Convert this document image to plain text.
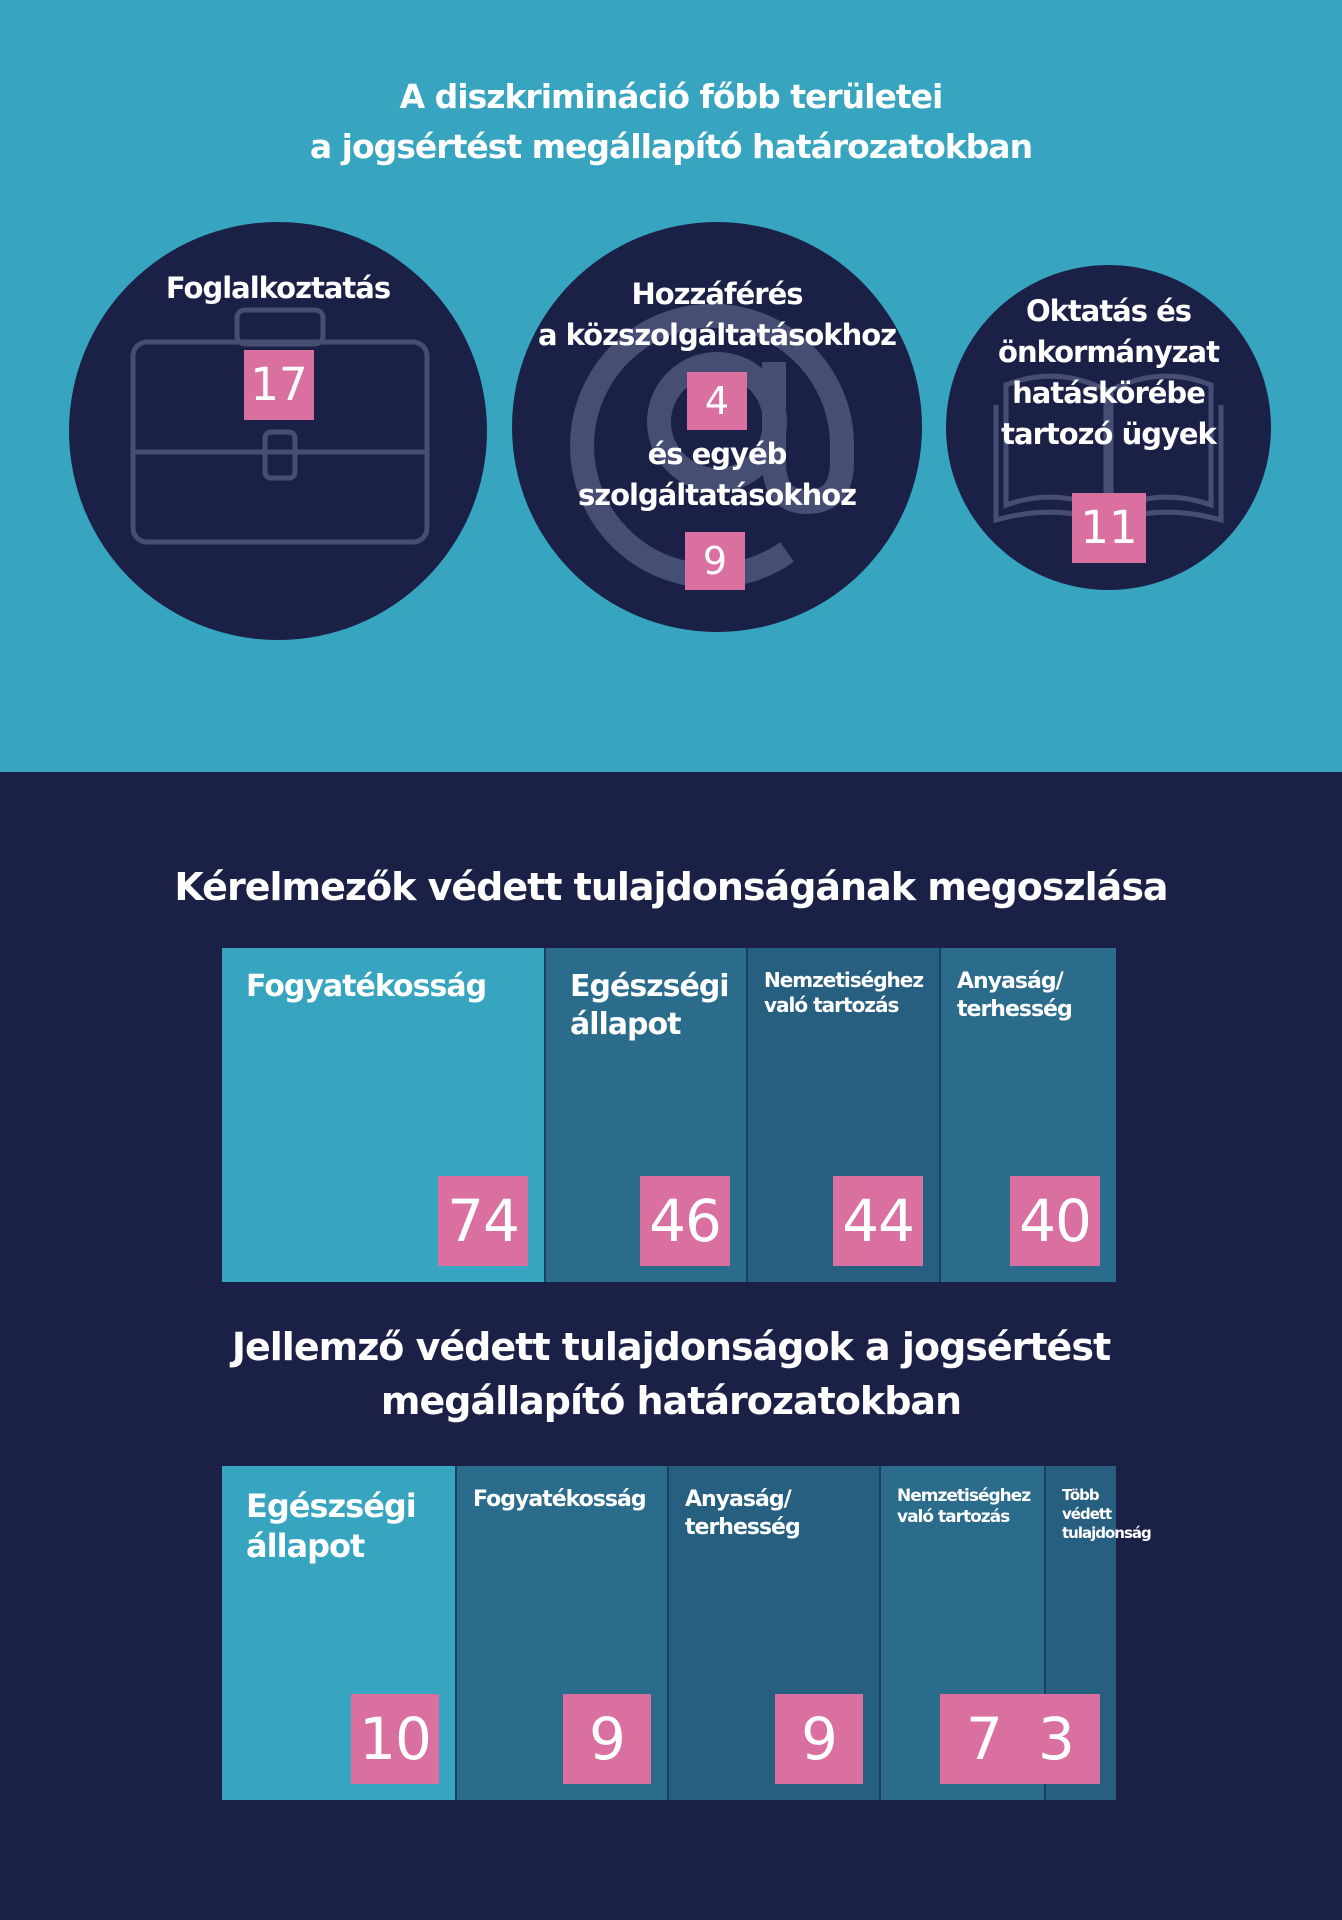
A diszkrimináció főbb területei
a jogsértést megállapító határozatokban
Foglalkoztatás
17
Hozzáférés
a közszolgáltatásokhoz
4
és egyéb
szolgáltatásokhoz
9
Oktatás és
önkormányzat
hatáskörébe
tartozó ügyek
11
Kérelmezők védett tulajdonságának megoszlása
Fogyatékosság
74
Egészségi
állapot
46
Nemzetiséghez
való tartozás
44
Anyaság/
terhesség
40
Jellemző védett tulajdonságok a jogsértést
megállapító határozatokban
Egészségi
állapot
10
Fogyatékosság
9
Anyaság/
terhesség
9
Nemzetiséghez
való tartozás
7
Több védett
tulajdonság
3
